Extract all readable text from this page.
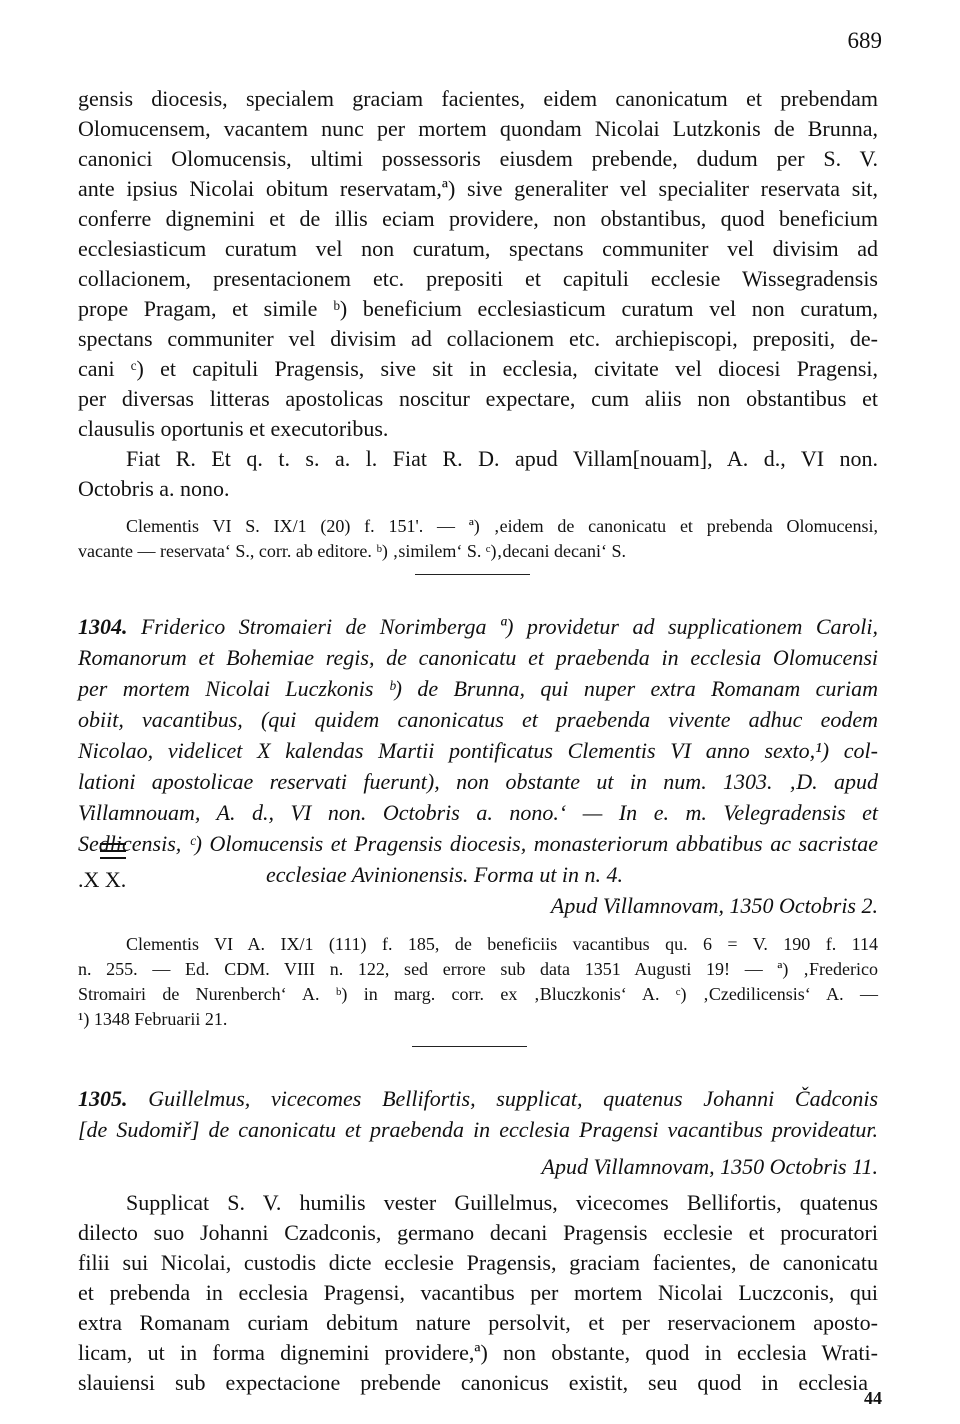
689
gensis diocesis, specialem graciam facientes, eidem canonicatum et prebendam
Olomucensem, vacantem nunc per mortem quondam Nicolai Lutzkonis de Brunna,
canonici Olomucensis, ultimi possessoris eiusdem prebende, dudum per S. V.
ante ipsius Nicolai obitum reservatam,ª) sive generaliter vel specialiter reservata sit,
conferre dignemini et de illis eciam providere, non obstantibus, quod beneficium
ecclesiasticum curatum vel non curatum, spectans communiter vel divisim ad
collacionem, presentacionem etc. prepositi et capituli ecclesie Wissegradensis
prope Pragam, et simile ᵇ) beneficium ecclesiasticum curatum vel non curatum,
spectans communiter vel divisim ad collacionem etc. archiepiscopi, prepositi, de-
cani ᶜ) et capituli Pragensis, sive sit in ecclesia, civitate vel diocesi Pragensi,
per diversas litteras apostolicas noscitur expectare, cum aliis non obstantibus et
clausulis oportunis et executoribus.
Fiat R. Et q. t. s. a. l. Fiat R. D. apud Villam[nouam], A. d., VI non.
Octobris a. nono.
Clementis VI S. IX/1 (20) f. 151'. — ª) ‚eidem de canonicatu et prebenda Olomucensi,
vacante — reservata‘ S., corr. ab editore. ᵇ) ‚similem‘ S. ᶜ)‚decani decani‘ S.
1304. Friderico Stromaieri de Norimberga ª) providetur ad supplicationem Caroli,
Romanorum et Bohemiae regis, de canonicatu et praebenda in ecclesia Olomucensi
per mortem Nicolai Luczkonis ᵇ) de Brunna, qui nuper extra Romanam curiam
obiit, vacantibus, (qui quidem canonicatus et praebenda vivente adhuc eodem
Nicolao, videlicet X kalendas Martii pontificatus Clementis VI anno sexto,¹) col-
lationi apostolicae reservati fuerunt), non obstante ut in num. 1303. ‚D. apud
Villamnouam, A. d., VI non. Octobris a. nono.‘ — In e. m. Velegradensis et
Sedlicensis, ᶜ) Olomucensis et Pragensis diocesis, monasteriorum abbatibus ac sacristae
ecclesiae Avinionensis. Forma ut in n. 4.
Apud Villamnovam, 1350 Octobris 2.
.X X.
Clementis VI A. IX/1 (111) f. 185, de beneficiis vacantibus qu. 6 = V. 190 f. 114
n. 255. — Ed. CDM. VIII n. 122, sed errore sub data 1351 Augusti 19! — ª) ‚Frederico
Stromairi de Nurenberch‘ A. ᵇ) in marg. corr. ex ‚Bluczkonis‘ A. ᶜ) ‚Czedilicensis‘ A. —
¹) 1348 Februarii 21.
1305. Guillelmus, vicecomes Bellifortis, supplicat, quatenus Johanni Čadconis
[de Sudomiř] de canonicatu et praebenda in ecclesia Pragensi vacantibus provideatur.
Apud Villamnovam, 1350 Octobris 11.
Supplicat S. V. humilis vester Guillelmus, vicecomes Bellifortis, quatenus
dilecto suo Johanni Czadconis, germano decani Pragensis ecclesie et procuratori
filii sui Nicolai, custodis dicte ecclesie Pragensis, graciam facientes, de canonicatu
et prebenda in ecclesia Pragensi, vacantibus per mortem Nicolai Luczconis, qui
extra Romanam curiam debitum nature persolvit, et per reservacionem aposto-
licam, ut in forma dignemini providere,ª) non obstante, quod in ecclesia Wrati-
slauiensi sub expectacione prebende canonicus existit, seu quod in ecclesia
44
